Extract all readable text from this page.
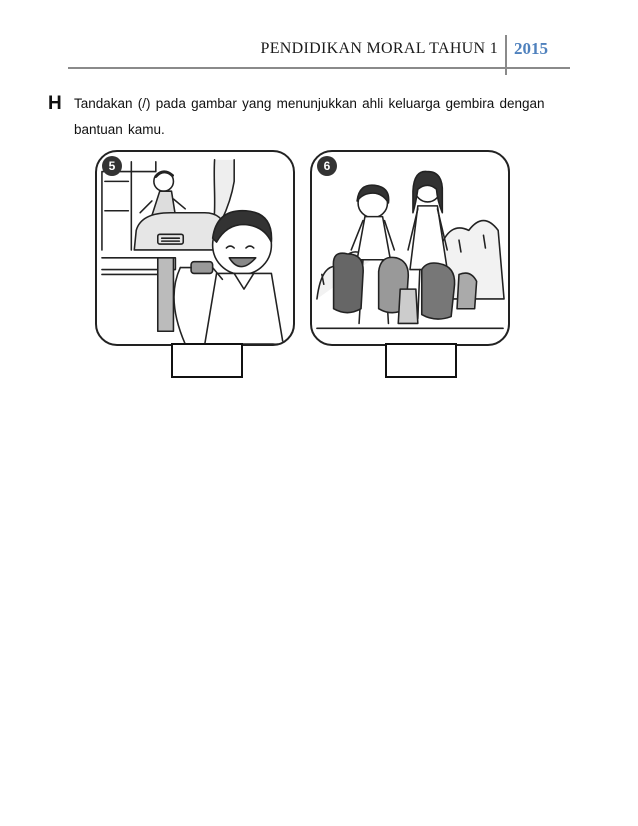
PENDIDIKAN MORAL TAHUN 1 2015
H Tandakan (/) pada gambar yang menunjukkan ahli keluarga gembira dengan bantuan kamu.
5	6
